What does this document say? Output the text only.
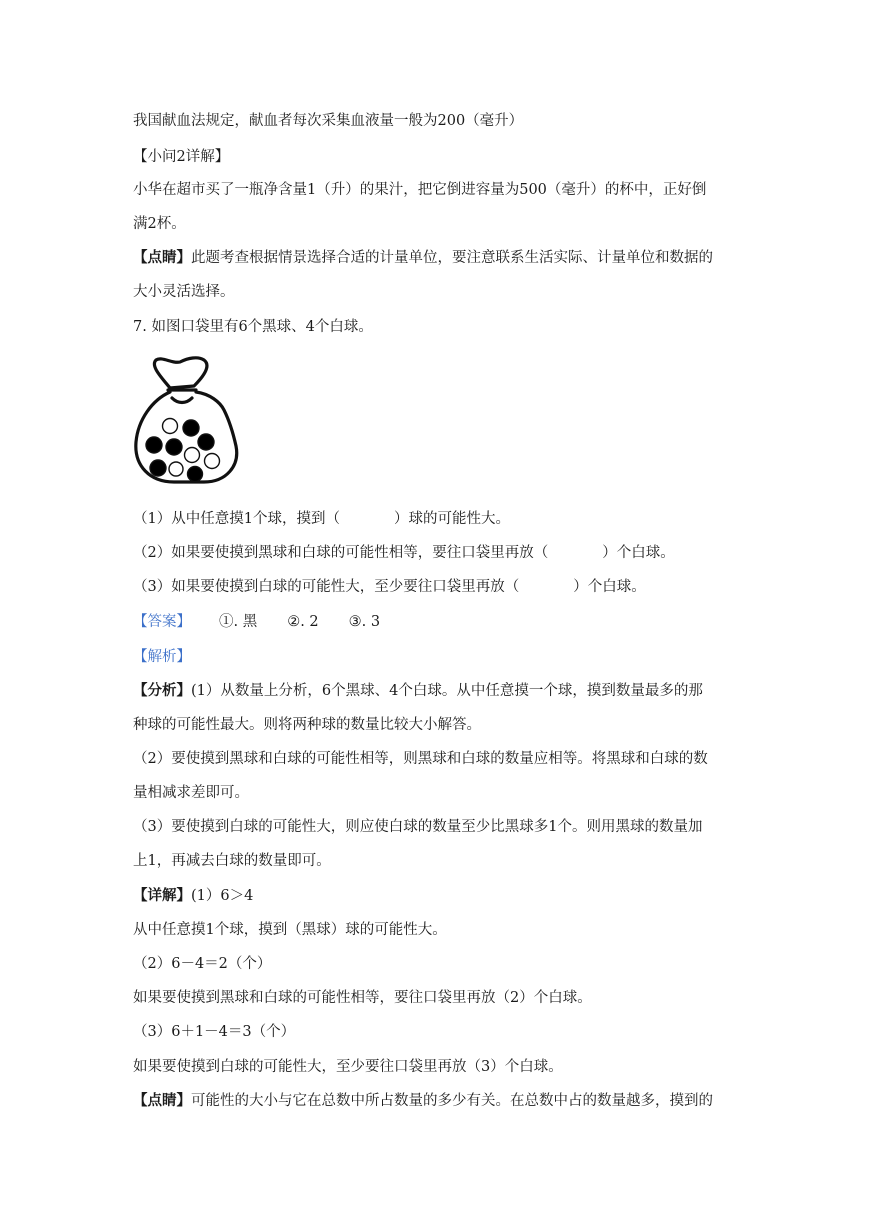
我国献血法规定，献血者每次采集血液量一般为200（毫升）
【小问2详解】
小华在超市买了一瓶净含量1（升）的果汁，把它倒进容量为500（毫升）的杯中，正好倒
满2杯。
【点睛】此题考查根据情景选择合适的计量单位，要注意联系生活实际、计量单位和数据的
大小灵活选择。
7. 如图口袋里有6个黑球、4个白球。
（1）从中任意摸1个球，摸到（	）球的可能性大。
（2）如果要使摸到黑球和白球的可能性相等，要往口袋里再放（	）个白球。
（3）如果要使摸到白球的可能性大，至少要往口袋里再放（	）个白球。
【答案】 ①. 黑 ②. 2 ③. 3
【解析】
【分析】(1）从数量上分析，6个黑球、4个白球。从中任意摸一个球，摸到数量最多的那
种球的可能性最大。则将两种球的数量比较大小解答。
（2）要使摸到黑球和白球的可能性相等，则黑球和白球的数量应相等。将黑球和白球的数
量相减求差即可。
（3）要使摸到白球的可能性大，则应使白球的数量至少比黑球多1个。则用黑球的数量加
上1，再减去白球的数量即可。
【详解】(1）6＞4
从中任意摸1个球，摸到（黑球）球的可能性大。
（2）6－4＝2（个）
如果要使摸到黑球和白球的可能性相等，要往口袋里再放（2）个白球。
（3）6＋1－4＝3（个）
如果要使摸到白球的可能性大，至少要往口袋里再放（3）个白球。
【点睛】可能性的大小与它在总数中所占数量的多少有关。在总数中占的数量越多，摸到的
